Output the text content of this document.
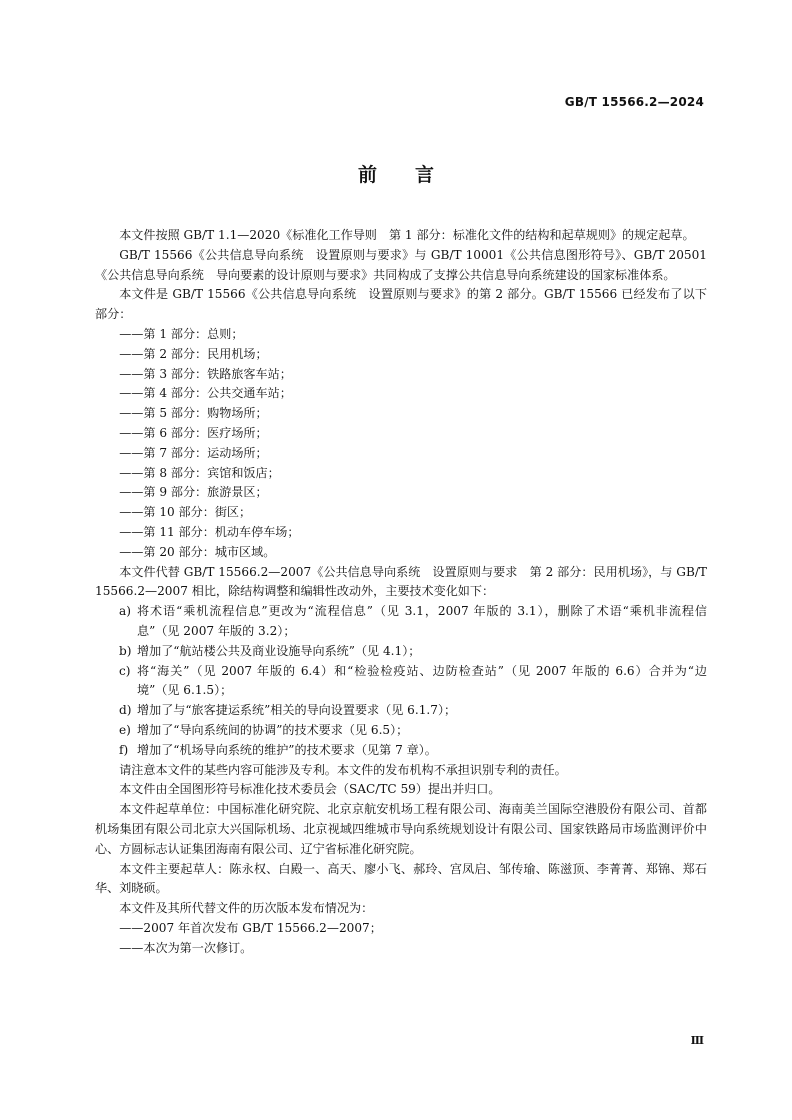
GB/T 15566.2—2024
前 言

本文件按照 GB/T 1.1—2020《标准化工作导则　第 1 部分：标准化文件的结构和起草规则》的规定起草。

GB/T 15566《公共信息导向系统　设置原则与要求》与 GB/T 10001《公共信息图形符号》、GB/T 20501《公共信息导向系统　导向要素的设计原则与要求》共同构成了支撑公共信息导向系统建设的国家标准体系。

本文件是 GB/T 15566《公共信息导向系统　设置原则与要求》的第 2 部分。GB/T 15566 已经发布了以下部分：

——第 1 部分：总则；

——第 2 部分：民用机场；

——第 3 部分：铁路旅客车站；

——第 4 部分：公共交通车站；

——第 5 部分：购物场所；

——第 6 部分：医疗场所；

——第 7 部分：运动场所；

——第 8 部分：宾馆和饭店；

——第 9 部分：旅游景区；

——第 10 部分：街区；

——第 11 部分：机动车停车场；

——第 20 部分：城市区域。

本文件代替 GB/T 15566.2—2007《公共信息导向系统　设置原则与要求　第 2 部分：民用机场》，与 GB/T 15566.2—2007 相比，除结构调整和编辑性改动外，主要技术变化如下：

a) 将术语“乘机流程信息”更改为“流程信息”（见 3.1，2007 年版的 3.1），删除了术语“乘机非流程信息”（见 2007 年版的 3.2）；

b) 增加了“航站楼公共及商业设施导向系统”（见 4.1）；

c) 将“海关”（见 2007 年版的 6.4）和“检验检疫站、边防检查站”（见 2007 年版的 6.6）合并为“边境”（见 6.1.5）；

d) 增加了与“旅客捷运系统”相关的导向设置要求（见 6.1.7）；

e) 增加了“导向系统间的协调”的技术要求（见 6.5）；

f) 增加了“机场导向系统的维护”的技术要求（见第 7 章）。

请注意本文件的某些内容可能涉及专利。本文件的发布机构不承担识别专利的责任。

本文件由全国图形符号标准化技术委员会（SAC/TC 59）提出并归口。

本文件起草单位：中国标准化研究院、北京京航安机场工程有限公司、海南美兰国际空港股份有限公司、首都机场集团有限公司北京大兴国际机场、北京视域四维城市导向系统规划设计有限公司、国家铁路局市场监测评价中心、方圆标志认证集团海南有限公司、辽宁省标准化研究院。

本文件主要起草人：陈永权、白殿一、高天、廖小飞、郝玲、宫凤启、邹传瑜、陈滋顶、李菁菁、郑锦、郑石华、刘晓硕。

本文件及其所代替文件的历次版本发布情况为：

——2007 年首次发布 GB/T 15566.2—2007；

——本次为第一次修订。

Ⅲ
